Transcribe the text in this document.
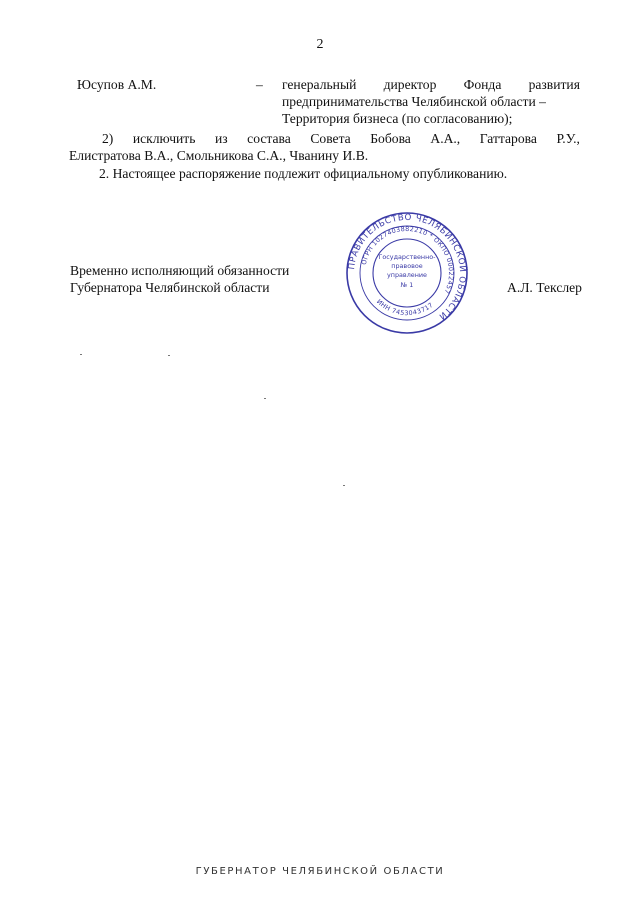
2
Юсупов А.М.	– генеральный директор Фонда развития
предпринимательства Челябинской области –
Территория бизнеса (по согласованию);
2) исключить из состава Совета Бобова А.А., Гаттарова Р.У.,
Елистратова В.А., Смольникова С.А., Чванину И.В.
2. Настоящее распоряжение подлежит официальному опубликованию.
Временно исполняющий обязанности
Губернатора Челябинской области	А.Л. Текслер
ПРАВИТЕЛЬСТВО ЧЕЛЯБИНСКОЙ ОБЛАСТИ
ОГРН 1027403882210 * ОКПО 00022457
ИНН 7453043717
Государственно-
правовое
управление
№ 1
ГУБЕРНАТОР ЧЕЛЯБИНСКОЙ ОБЛАСТИ
